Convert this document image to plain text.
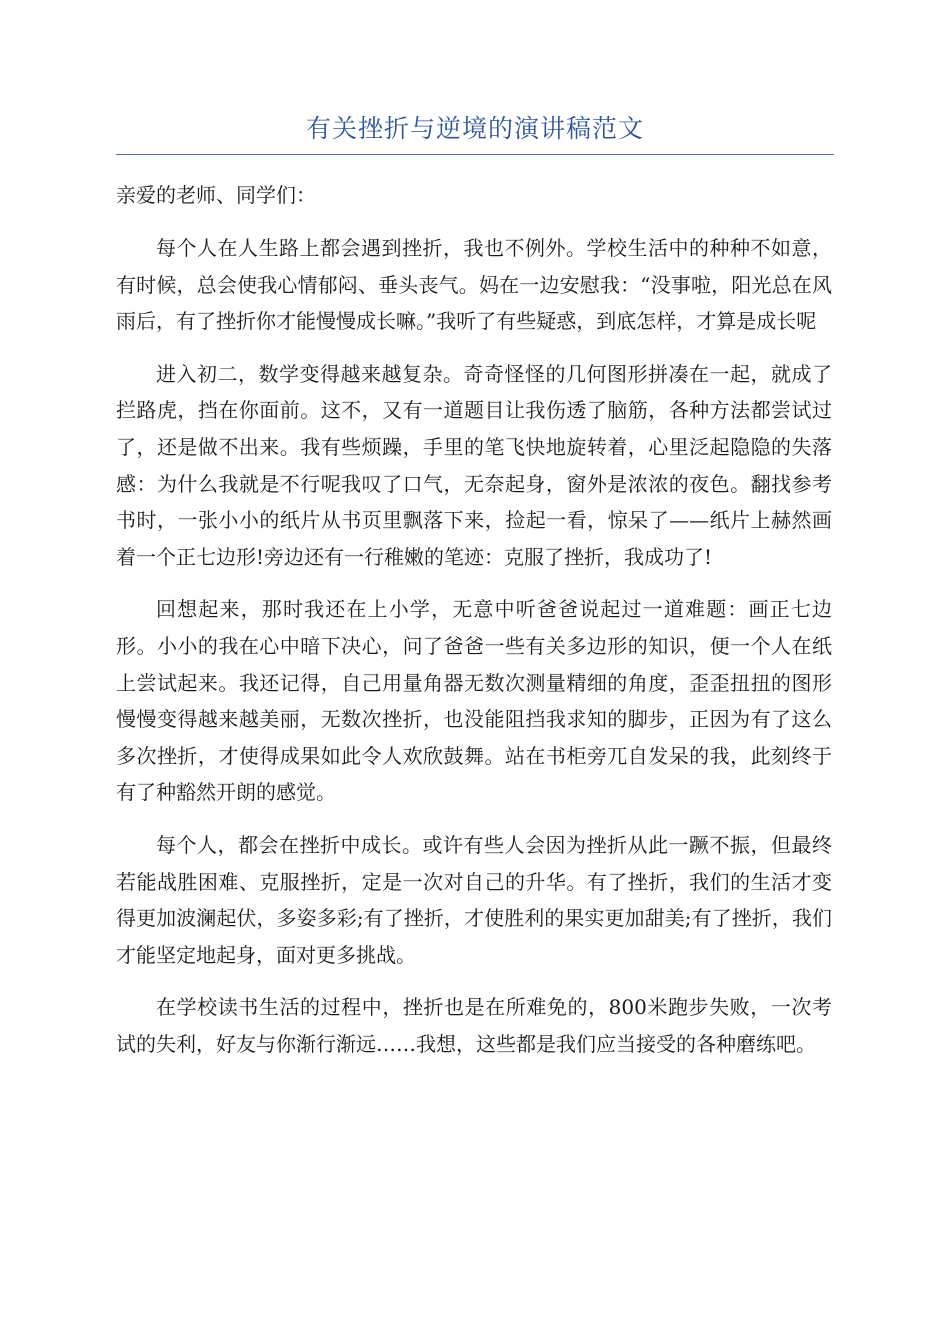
有关挫折与逆境的演讲稿范文

亲爱的老师、同学们：

每个人在人生路上都会遇到挫折，我也不例外。学校生活中的种种不如意，有时候，总会使我心情郁闷、垂头丧气。妈在一边安慰我：“没事啦，阳光总在风雨后，有了挫折你才能慢慢成长嘛。”我听了有些疑惑，到底怎样，才算是成长呢

进入初二，数学变得越来越复杂。奇奇怪怪的几何图形拼凑在一起，就成了拦路虎，挡在你面前。这不，又有一道题目让我伤透了脑筋，各种方法都尝试过了，还是做不出来。我有些烦躁，手里的笔飞快地旋转着，心里泛起隐隐的失落感：为什么我就是不行呢我叹了口气，无奈起身，窗外是浓浓的夜色。翻找参考书时，一张小小的纸片从书页里飘落下来，捡起一看，惊呆了——纸片上赫然画着一个正七边形!旁边还有一行稚嫩的笔迹：克服了挫折，我成功了!

回想起来，那时我还在上小学，无意中听爸爸说起过一道难题：画正七边形。小小的我在心中暗下决心，问了爸爸一些有关多边形的知识，便一个人在纸上尝试起来。我还记得，自己用量角器无数次测量精细的角度，歪歪扭扭的图形慢慢变得越来越美丽，无数次挫折，也没能阻挡我求知的脚步，正因为有了这么多次挫折，才使得成果如此令人欢欣鼓舞。站在书柜旁兀自发呆的我，此刻终于有了种豁然开朗的感觉。

每个人，都会在挫折中成长。或许有些人会因为挫折从此一蹶不振，但最终若能战胜困难、克服挫折，定是一次对自己的升华。有了挫折，我们的生活才变得更加波澜起伏，多姿多彩;有了挫折，才使胜利的果实更加甜美;有了挫折，我们才能坚定地起身，面对更多挑战。

在学校读书生活的过程中，挫折也是在所难免的，800米跑步失败，一次考试的失利，好友与你渐行渐远……我想，这些都是我们应当接受的各种磨练吧。
